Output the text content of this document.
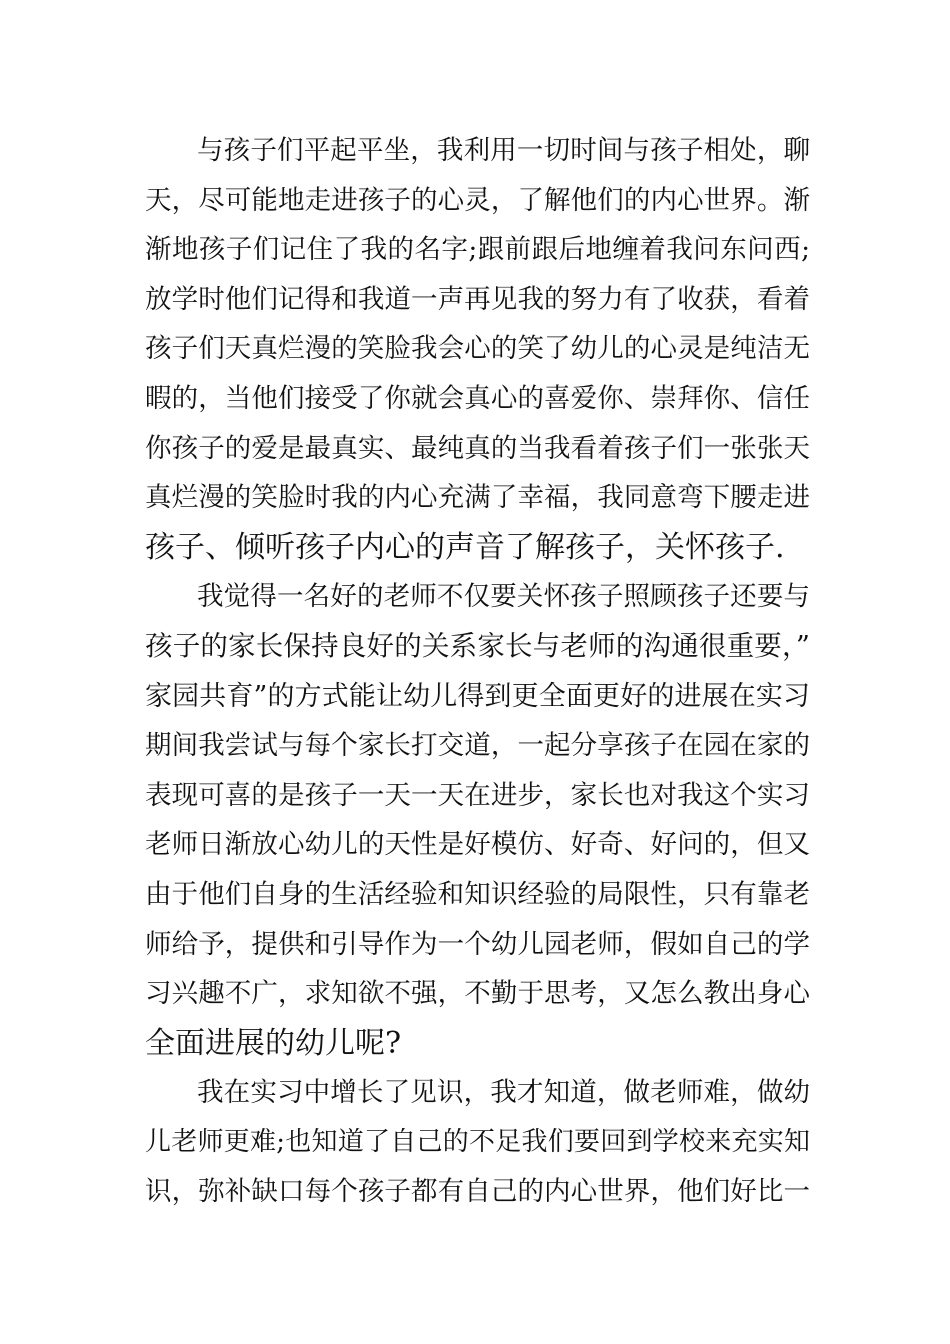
与孩子们平起平坐，我利用一切时间与孩子相处，聊
天，尽可能地走进孩子的心灵，了解他们的内心世界。渐
渐地孩子们记住了我的名字;跟前跟后地缠着我问东问西;
放学时他们记得和我道一声再见我的努力有了收获，看着
孩子们天真烂漫的笑脸我会心的笑了幼儿的心灵是纯洁无
暇的，当他们接受了你就会真心的喜爱你、崇拜你、信任
你孩子的爱是最真实、最纯真的当我看着孩子们一张张天
真烂漫的笑脸时我的内心充满了幸福，我同意弯下腰走进
孩子、倾听孩子内心的声音了解孩子，关怀孩子.
我觉得一名好的老师不仅要关怀孩子照顾孩子还要与
孩子的家长保持良好的关系家长与老师的沟通很重要，”
家园共育”的方式能让幼儿得到更全面更好的进展在实习
期间我尝试与每个家长打交道，一起分享孩子在园在家的
表现可喜的是孩子一天一天在进步，家长也对我这个实习
老师日渐放心幼儿的天性是好模仿、好奇、好问的，但又
由于他们自身的生活经验和知识经验的局限性，只有靠老
师给予，提供和引导作为一个幼儿园老师，假如自己的学
习兴趣不广，求知欲不强，不勤于思考，又怎么教出身心
全面进展的幼儿呢?
我在实习中增长了见识，我才知道，做老师难，做幼
儿老师更难;也知道了自己的不足我们要回到学校来充实知
识，弥补缺口每个孩子都有自己的内心世界，他们好比一
